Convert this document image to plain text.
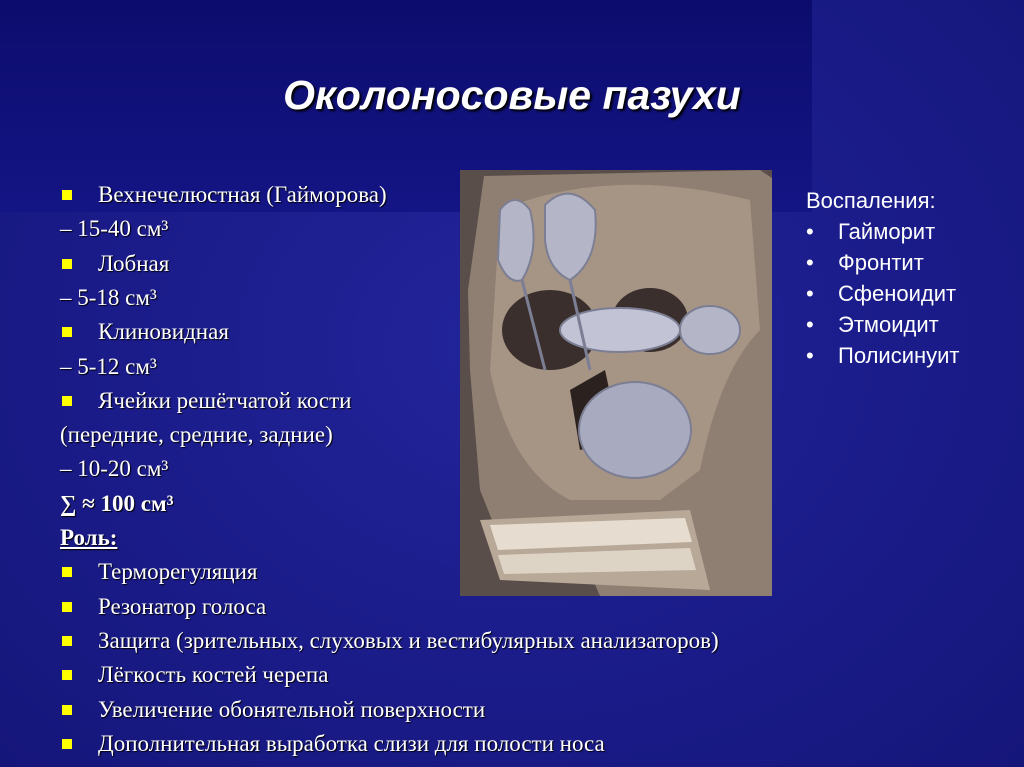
Околоносовые пазухи
Вехнечелюстная (Гайморова)
– 15-40 см³
Лобная
– 5-18 см³
Клиновидная
– 5-12 см³
Ячейки решётчатой кости
(передние, средние, задние)
– 10-20 см³
∑ ≈ 100 см³
Роль:
Терморегуляция
Резонатор голоса
Защита (зрительных, слуховых и вестибулярных анализаторов)
Лёгкость костей черепа
Увеличение обонятельной поверхности
Дополнительная выработка слизи для полости носа
Воспаления:
• Гайморит
• Фронтит
• Сфеноидит
• Этмоидит
• Полисинуит
